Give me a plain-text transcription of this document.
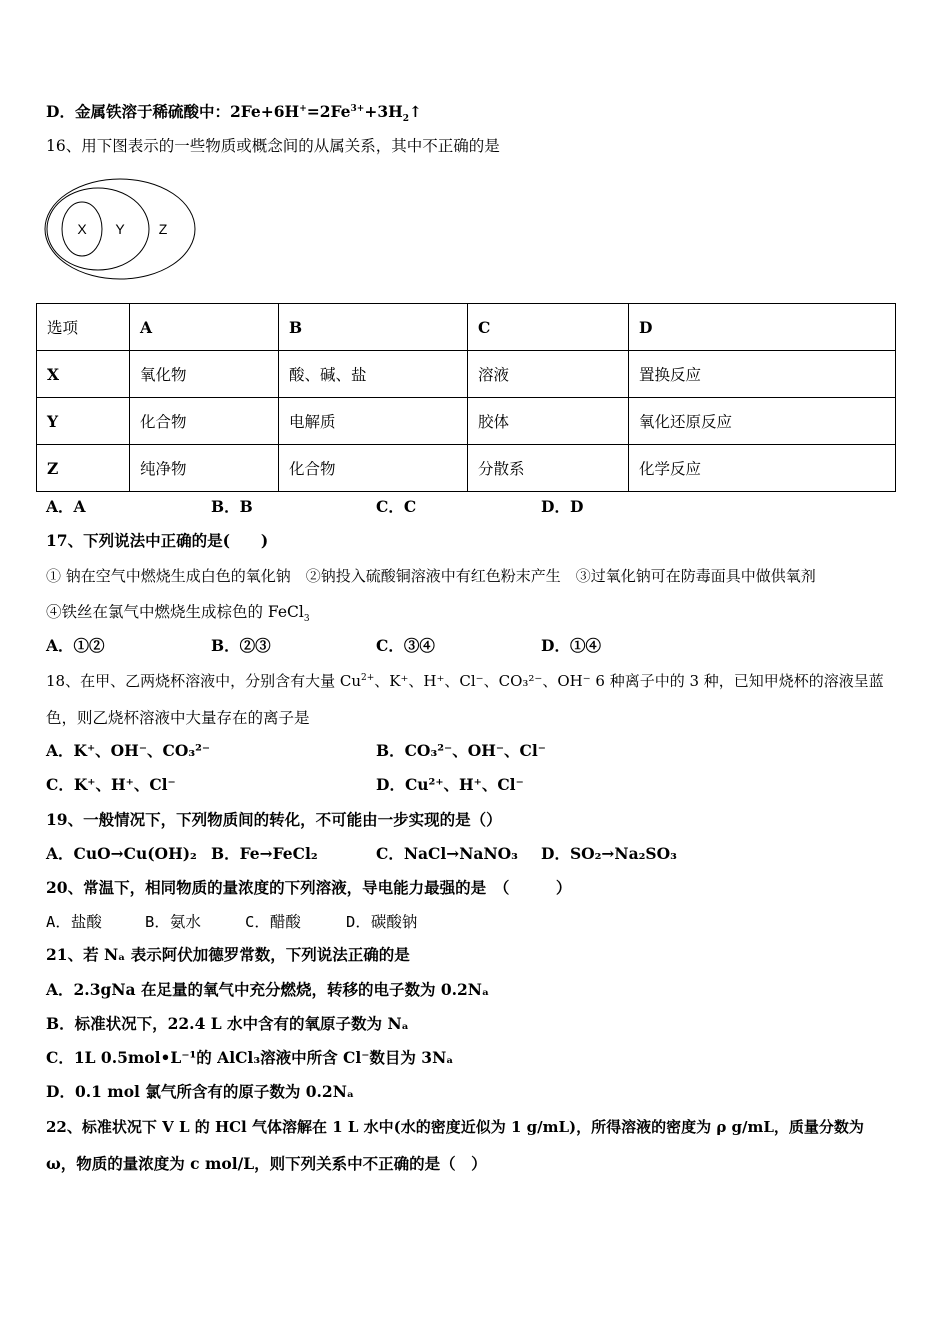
D．金属铁溶于稀硫酸中：$2Fe+6H^+=2Fe^{3+}+3H_2↑$
16、用下图表示的一些物质或概念间的从属关系，其中不正确的是
X Y Z
选项	A	B	C	D
X	氧化物	酸、碱、盐	溶液	置换反应
Y	化合物	电解质	胶体	氧化还原反应
Z	纯净物	化合物	分散系	化学反应
A．A	B．B	C．C	D．D
17、下列说法中正确的是(　　)
① 钠在空气中燃烧生成白色的氧化钠　②钠投入硫酸铜溶液中有红色粉末产生　③过氧化钠可在防毒面具中做供氧剂
④铁丝在氯气中燃烧生成棕色的 FeCl$_3$
A．①②	B．②③	C．③④	D．①④
18、在甲、乙两烧杯溶液中，分别含有大量 $Cu^{2+}$、K⁺、H⁺、Cl⁻、CO₃²⁻、OH⁻ 6 种离子中的 3 种，已知甲烧杯的溶液呈蓝
色，则乙烧杯溶液中大量存在的离子是
A．K⁺、OH⁻、CO₃²⁻	B．CO₃²⁻、OH⁻、Cl⁻
C．K⁺、H⁺、Cl⁻	D．Cu²⁺、H⁺、Cl⁻
19、一般情况下，下列物质间的转化，不可能由一步实现的是（）
A．CuO→Cu(OH)₂ B．Fe→FeCl₂	C．NaCl→NaNO₃ D．SO₂→Na₂SO₃
20、常温下，相同物质的量浓度的下列溶液，导电能力最强的是　（　　　）
A．盐酸	B．氨水	C．醋酸	D．碳酸钠
21、若 Nₐ 表示阿伏加德罗常数，下列说法正确的是
A．2.3gNa 在足量的氧气中充分燃烧，转移的电子数为 0.2Nₐ
B．标准状况下，22.4 L 水中含有的氧原子数为 Nₐ
C．1L 0.5mol•L⁻¹的 AlCl₃溶液中所含 Cl⁻数目为 3Nₐ
D．0.1 mol 氯气所含有的原子数为 0.2Nₐ
22、标准状况下 V L 的 HCl 气体溶解在 1 L 水中(水的密度近似为 1 g/mL)，所得溶液的密度为 ρ g/mL，质量分数为
ω，物质的量浓度为 c mol/L，则下列关系中不正确的是（　）
